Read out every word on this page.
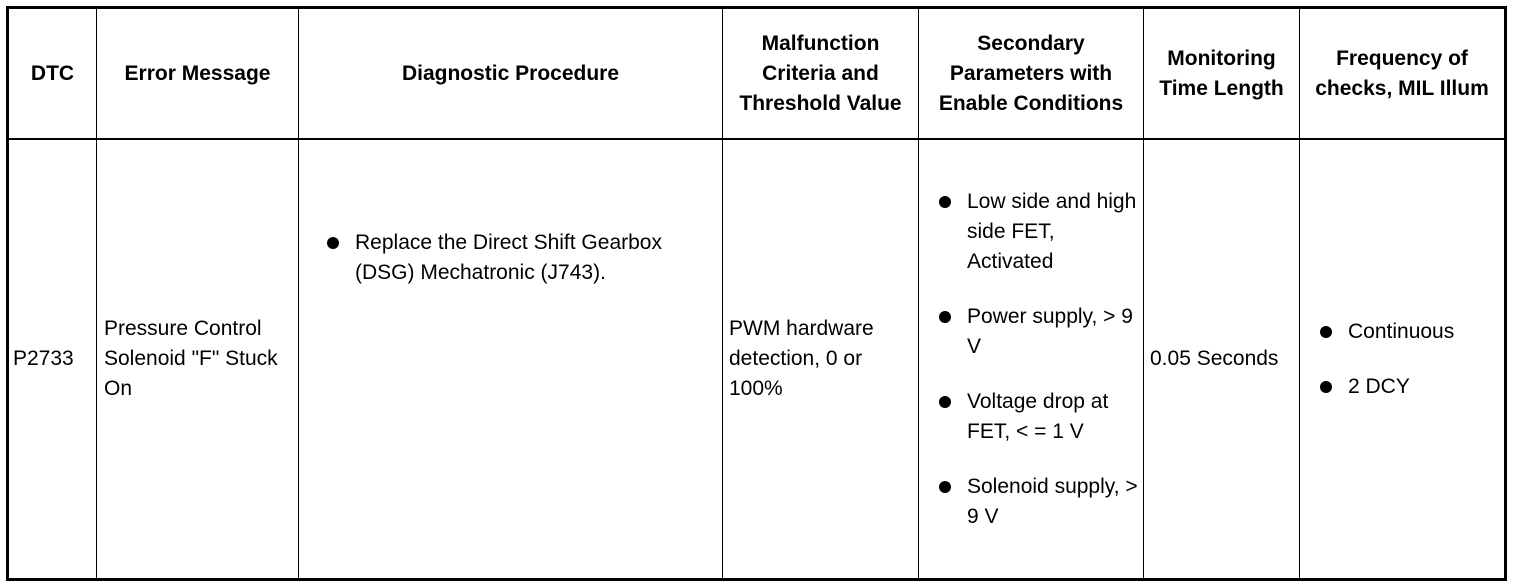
DTC	Error Message	Diagnostic Procedure
Malfunction Criteria and Threshold Value
Secondary Parameters with Enable Conditions
Monitoring Time Length
Frequency of checks, MIL Illum
P2733
Pressure Control Solenoid "F" Stuck On
Replace the Direct Shift Gearbox (DSG) Mechatronic (J743).
PWM hardware detection, 0 or 100%
Low side and high side FET, Activated
Power supply, > 9 V
Voltage drop at FET, < = 1 V
Solenoid supply, > 9 V
0.05 Seconds
Continuous
2 DCY
